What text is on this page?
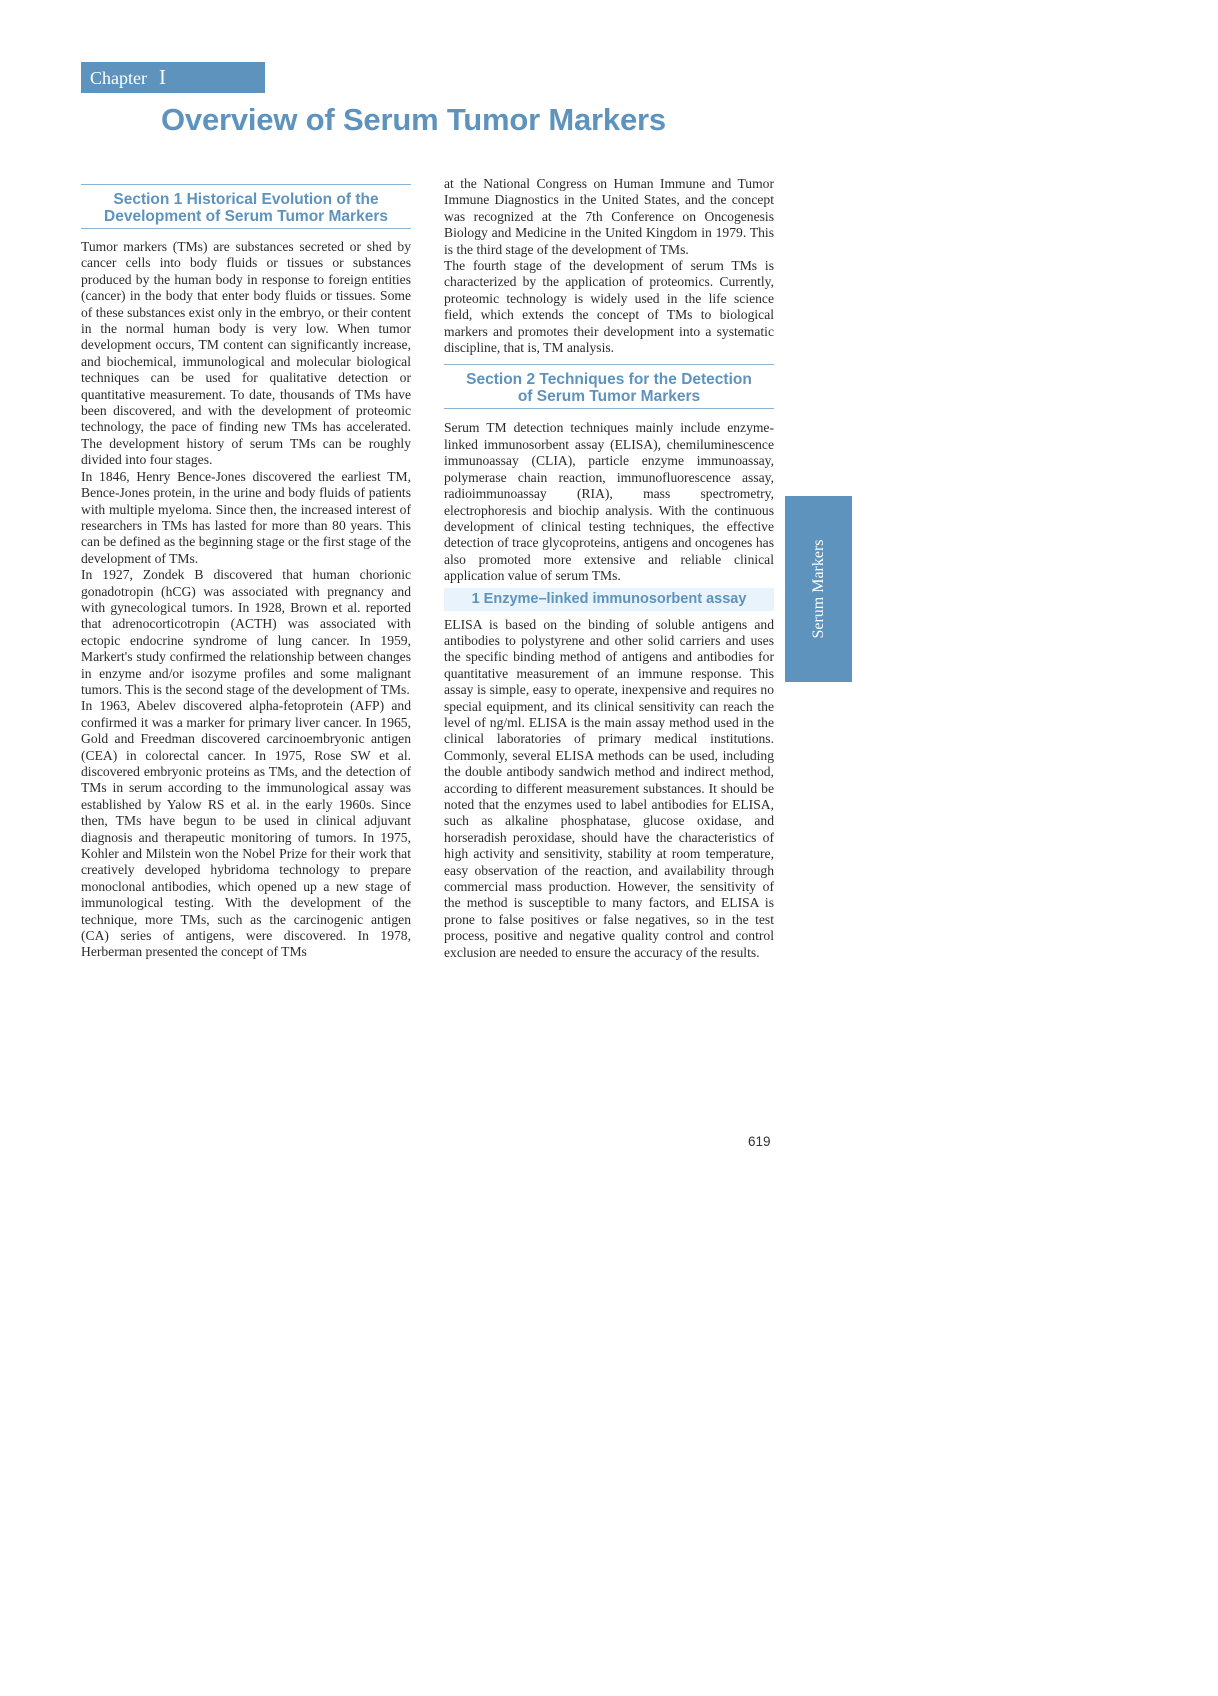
Chapter I
Overview of Serum Tumor Markers
Section 1 Historical Evolution of the
Development of Serum Tumor Markers

Tumor markers (TMs) are substances secreted or shed by cancer cells into body fluids or tissues or substances produced by the human body in response to foreign entities (cancer) in the body that enter body fluids or tissues. Some of these substances exist only in the embryo, or their content in the normal human body is very low. When tumor development occurs, TM content can significantly increase, and biochemical, immunological and molecular biological techniques can be used for qualitative detection or quantitative measurement. To date, thousands of TMs have been discovered, and with the development of proteomic technology, the pace of finding new TMs has accelerated. The development history of serum TMs can be roughly divided into four stages.

In 1846, Henry Bence-Jones discovered the earliest TM, Bence-Jones protein, in the urine and body fluids of patients with multiple myeloma. Since then, the increased interest of researchers in TMs has lasted for more than 80 years. This can be defined as the beginning stage or the first stage of the development of TMs.

In 1927, Zondek B discovered that human chorionic gonadotropin (hCG) was associated with pregnancy and with gynecological tumors. In 1928, Brown et al. reported that adrenocorticotropin (ACTH) was associated with ectopic endocrine syndrome of lung cancer. In 1959, Markert's study confirmed the relationship between changes in enzyme and/or isozyme profiles and some malignant tumors. This is the second stage of the development of TMs.

In 1963, Abelev discovered alpha-fetoprotein (AFP) and confirmed it was a marker for primary liver cancer. In 1965, Gold and Freedman discovered carcinoembryonic antigen (CEA) in colorectal cancer. In 1975, Rose SW et al. discovered embryonic proteins as TMs, and the detection of TMs in serum according to the immunological assay was established by Yalow RS et al. in the early 1960s. Since then, TMs have begun to be used in clinical adjuvant diagnosis and therapeutic monitoring of tumors. In 1975, Kohler and Milstein won the Nobel Prize for their work that creatively developed hybridoma technology to prepare monoclonal antibodies, which opened up a new stage of immunological testing. With the development of the technique, more TMs, such as the carcinogenic antigen (CA) series of antigens, were discovered. In 1978, Herberman presented the concept of TMs

at the National Congress on Human Immune and Tumor Immune Diagnostics in the United States, and the concept was recognized at the 7th Conference on Oncogenesis Biology and Medicine in the United Kingdom in 1979. This is the third stage of the development of TMs.

The fourth stage of the development of serum TMs is characterized by the application of proteomics. Currently, proteomic technology is widely used in the life science field, which extends the concept of TMs to biological markers and promotes their development into a systematic discipline, that is, TM analysis.

Section 2 Techniques for the Detection
of Serum Tumor Markers

Serum TM detection techniques mainly include enzyme-linked immunosorbent assay (ELISA), chemiluminescence immunoassay (CLIA), particle enzyme immunoassay, polymerase chain reaction, immunofluorescence assay, radioimmunoassay (RIA), mass spectrometry, electrophoresis and biochip analysis. With the continuous development of clinical testing techniques, the effective detection of trace glycoproteins, antigens and oncogenes has also promoted more extensive and reliable clinical application value of serum TMs.

1 Enzyme–linked immunosorbent assay

ELISA is based on the binding of soluble antigens and antibodies to polystyrene and other solid carriers and uses the specific binding method of antigens and antibodies for quantitative measurement of an immune response. This assay is simple, easy to operate, inexpensive and requires no special equipment, and its clinical sensitivity can reach the level of ng/ml. ELISA is the main assay method used in the clinical laboratories of primary medical institutions. Commonly, several ELISA methods can be used, including the double antibody sandwich method and indirect method, according to different measurement substances. It should be noted that the enzymes used to label antibodies for ELISA, such as alkaline phosphatase, glucose oxidase, and horseradish peroxidase, should have the characteristics of high activity and sensitivity, stability at room temperature, easy observation of the reaction, and availability through commercial mass production. However, the sensitivity of the method is susceptible to many factors, and ELISA is prone to false positives or false negatives, so in the test process, positive and negative quality control and control exclusion are needed to ensure the accuracy of the results.

Serum Markers
619
